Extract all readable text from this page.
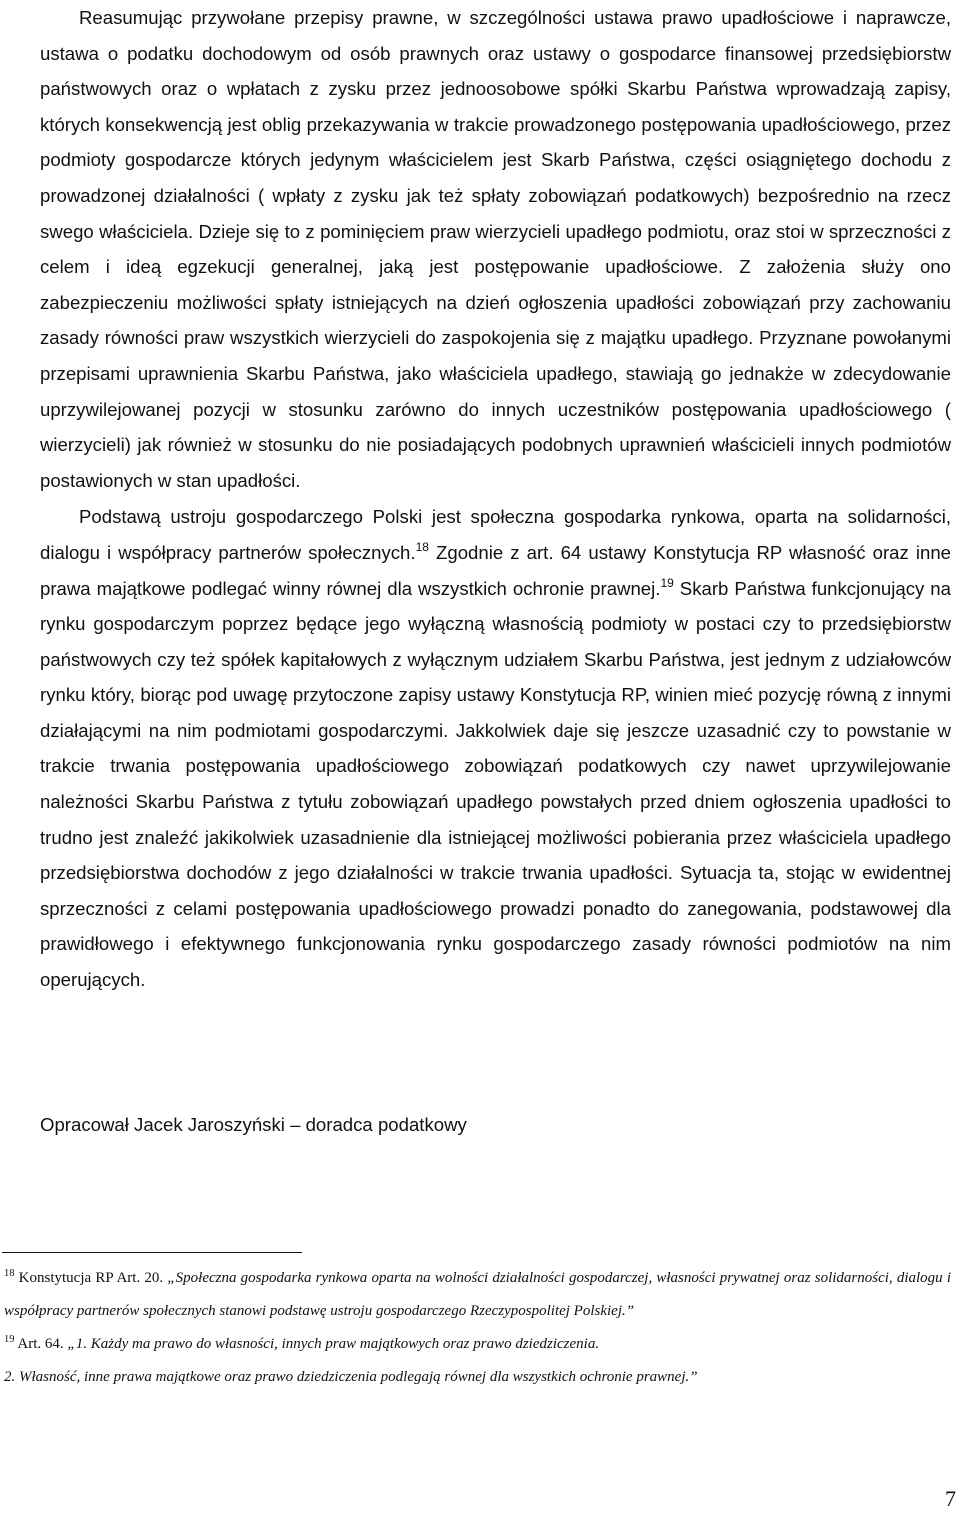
Reasumując przywołane przepisy prawne, w szczególności ustawa prawo upadłościowe i naprawcze, ustawa o podatku dochodowym od osób prawnych oraz ustawy o gospodarce finansowej przedsiębiorstw państwowych oraz o wpłatach z zysku przez jednoosobowe spółki Skarbu Państwa wprowadzają zapisy, których konsekwencją jest oblig przekazywania w trakcie prowadzonego postępowania upadłościowego, przez podmioty gospodarcze których jedynym właścicielem jest Skarb Państwa, części osiągniętego dochodu z prowadzonej działalności ( wpłaty z zysku jak też spłaty zobowiązań podatkowych) bezpośrednio na rzecz swego właściciela. Dzieje się to z pominięciem praw wierzycieli upadłego podmiotu, oraz stoi w sprzeczności z celem i ideą egzekucji generalnej, jaką jest postępowanie upadłościowe. Z założenia służy ono zabezpieczeniu możliwości spłaty istniejących na dzień ogłoszenia upadłości zobowiązań przy zachowaniu zasady równości praw wszystkich wierzycieli do zaspokojenia się z majątku upadłego. Przyznane powołanymi przepisami uprawnienia Skarbu Państwa, jako właściciela upadłego, stawiają go jednakże w zdecydowanie uprzywilejowanej pozycji w stosunku zarówno do innych uczestników postępowania upadłościowego ( wierzycieli) jak również w stosunku do nie posiadających podobnych uprawnień właścicieli innych podmiotów postawionych w stan upadłości.

Podstawą ustroju gospodarczego Polski jest społeczna gospodarka rynkowa, oparta na solidarności, dialogu i współpracy partnerów społecznych.$^{18}$ Zgodnie z art. 64 ustawy Konstytucja RP własność oraz inne prawa majątkowe podlegać winny równej dla wszystkich ochronie prawnej.$^{19}$ Skarb Państwa funkcjonujący na rynku gospodarczym poprzez będące jego wyłączną własnością podmioty w postaci czy to przedsiębiorstw państwowych czy też spółek kapitałowych z wyłącznym udziałem Skarbu Państwa, jest jednym z udziałowców rynku który, biorąc pod uwagę przytoczone zapisy ustawy Konstytucja RP, winien mieć pozycję równą z innymi działającymi na nim podmiotami gospodarczymi. Jakkolwiek daje się jeszcze uzasadnić czy to powstanie w trakcie trwania postępowania upadłościowego zobowiązań podatkowych czy nawet uprzywilejowanie należności Skarbu Państwa z tytułu zobowiązań upadłego powstałych przed dniem ogłoszenia upadłości to trudno jest znaleźć jakikolwiek uzasadnienie dla istniejącej możliwości pobierania przez właściciela upadłego przedsiębiorstwa dochodów z jego działalności w trakcie trwania upadłości. Sytuacja ta, stojąc w ewidentnej sprzeczności z celami postępowania upadłościowego prowadzi ponadto do zanegowania, podstawowej dla prawidłowego i efektywnego funkcjonowania rynku gospodarczego zasady równości podmiotów na nim operujących.

Opracował Jacek Jaroszyński – doradca podatkowy

$^{18}$ Konstytucja RP Art. 20. „Społeczna gospodarka rynkowa oparta na wolności działalności gospodarczej, własności prywatnej oraz solidarności, dialogu i współpracy partnerów społecznych stanowi podstawę ustroju gospodarczego Rzeczypospolitej Polskiej.”

$^{19}$ Art. 64. „1. Każdy ma prawo do własności, innych praw majątkowych oraz prawo dziedziczenia.

2. Własność, inne prawa majątkowe oraz prawo dziedziczenia podlegają równej dla wszystkich ochronie prawnej.”

7
